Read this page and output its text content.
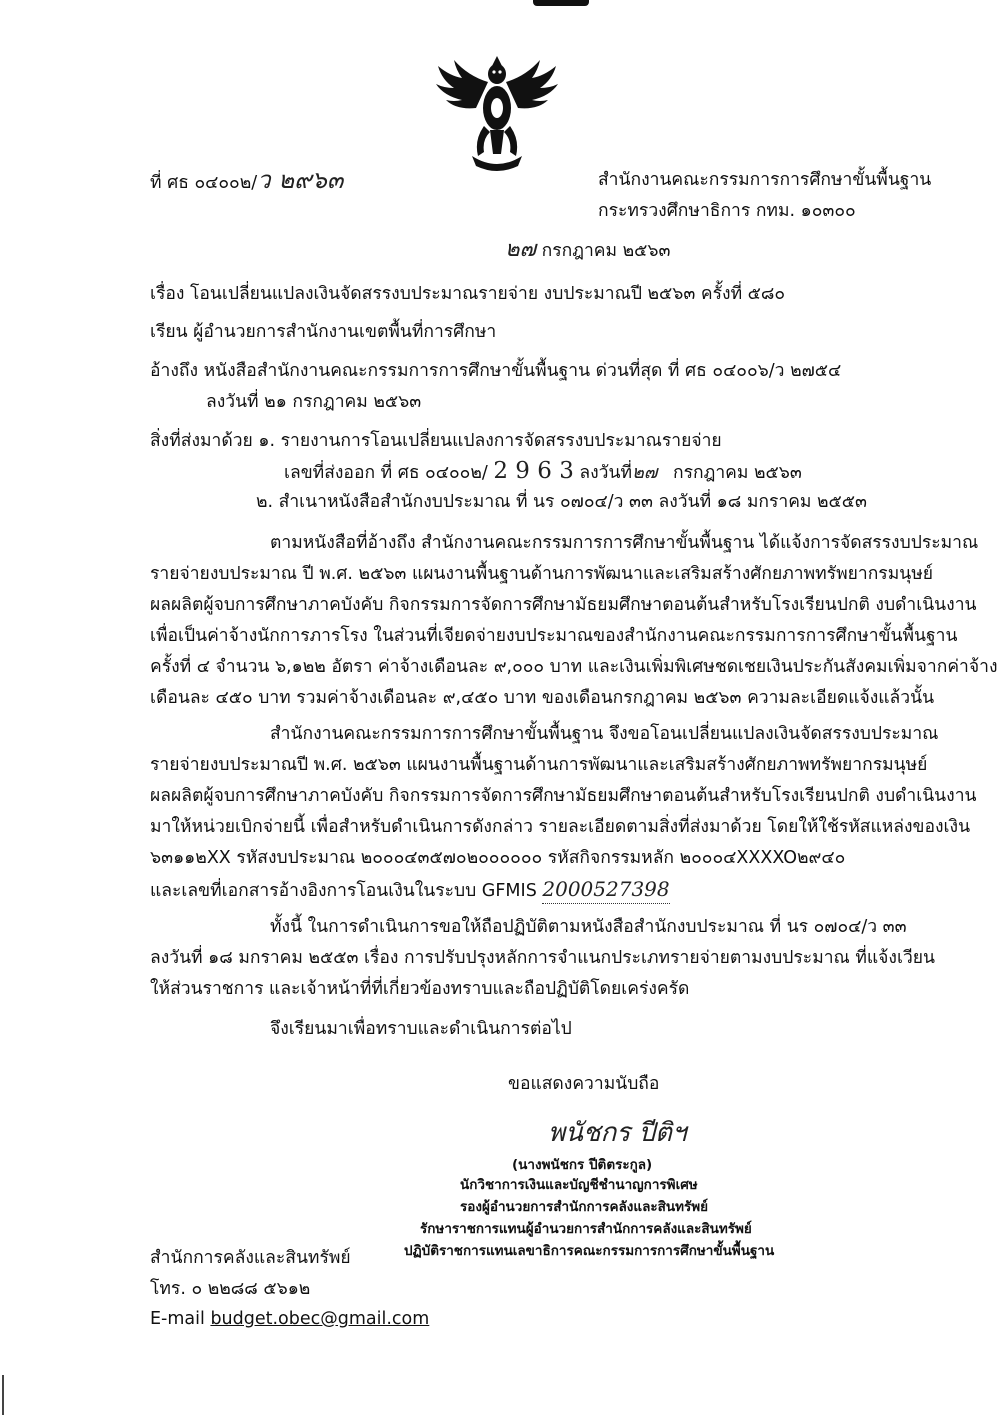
ที่ ศธ ๐๔๐๐๒/ว ๒๙๖๓	สำนักงานคณะกรรมการการศึกษาขั้นพื้นฐาน
กระทรวงศึกษาธิการ กทม. ๑๐๓๐๐
๒๗ กรกฎาคม ๒๕๖๓
เรื่อง โอนเปลี่ยนแปลงเงินจัดสรรงบประมาณรายจ่าย งบประมาณปี ๒๕๖๓ ครั้งที่ ๕๘๐
เรียน ผู้อำนวยการสำนักงานเขตพื้นที่การศึกษา
อ้างถึง หนังสือสำนักงานคณะกรรมการการศึกษาขั้นพื้นฐาน ด่วนที่สุด ที่ ศธ ๐๔๐๐๖/ว ๒๗๕๔
ลงวันที่ ๒๑ กรกฎาคม ๒๕๖๓
สิ่งที่ส่งมาด้วย ๑. รายงานการโอนเปลี่ยนแปลงการจัดสรรงบประมาณรายจ่าย
เลขที่ส่งออก ที่ ศธ ๐๔๐๐๒/ 2 9 6 3 ลงวันที่๒๗ กรกฎาคม ๒๕๖๓
๒. สำเนาหนังสือสำนักงบประมาณ ที่ นร ๐๗๐๔/ว ๓๓ ลงวันที่ ๑๘ มกราคม ๒๕๕๓
ตามหนังสือที่อ้างถึง สำนักงานคณะกรรมการการศึกษาขั้นพื้นฐาน ได้แจ้งการจัดสรรงบประมาณ
รายจ่ายงบประมาณ ปี พ.ศ. ๒๕๖๓ แผนงานพื้นฐานด้านการพัฒนาและเสริมสร้างศักยภาพทรัพยากรมนุษย์
ผลผลิตผู้จบการศึกษาภาคบังคับ กิจกรรมการจัดการศึกษามัธยมศึกษาตอนต้นสำหรับโรงเรียนปกติ งบดำเนินงาน
เพื่อเป็นค่าจ้างนักการภารโรง ในส่วนที่เจียดจ่ายงบประมาณของสำนักงานคณะกรรมการการศึกษาขั้นพื้นฐาน
ครั้งที่ ๔ จำนวน ๖,๑๒๒ อัตรา ค่าจ้างเดือนละ ๙,๐๐๐ บาท และเงินเพิ่มพิเศษชดเชยเงินประกันสังคมเพิ่มจากค่าจ้าง
เดือนละ ๔๕๐ บาท รวมค่าจ้างเดือนละ ๙,๔๕๐ บาท ของเดือนกรกฎาคม ๒๕๖๓ ความละเอียดแจ้งแล้วนั้น
สำนักงานคณะกรรมการการศึกษาขั้นพื้นฐาน จึงขอโอนเปลี่ยนแปลงเงินจัดสรรงบประมาณ
รายจ่ายงบประมาณปี พ.ศ. ๒๕๖๓ แผนงานพื้นฐานด้านการพัฒนาและเสริมสร้างศักยภาพทรัพยากรมนุษย์
ผลผลิตผู้จบการศึกษาภาคบังคับ กิจกรรมการจัดการศึกษามัธยมศึกษาตอนต้นสำหรับโรงเรียนปกติ งบดำเนินงาน
มาให้หน่วยเบิกจ่ายนี้ เพื่อสำหรับดำเนินการดังกล่าว รายละเอียดตามสิ่งที่ส่งมาด้วย โดยให้ใช้รหัสแหล่งของเงิน
๖๓๑๑๒XX รหัสงบประมาณ ๒๐๐๐๔๓๕๗๐๒๐๐๐๐๐๐ รหัสกิจกรรมหลัก ๒๐๐๐๔XXXXO๒๙๔๐
และเลขที่เอกสารอ้างอิงการโอนเงินในระบบ GFMIS 2000527398
ทั้งนี้ ในการดำเนินการขอให้ถือปฏิบัติตามหนังสือสำนักงบประมาณ ที่ นร ๐๗๐๔/ว ๓๓
ลงวันที่ ๑๘ มกราคม ๒๕๕๓ เรื่อง การปรับปรุงหลักการจำแนกประเภทรายจ่ายตามงบประมาณ ที่แจ้งเวียน
ให้ส่วนราชการ และเจ้าหน้าที่ที่เกี่ยวข้องทราบและถือปฏิบัติโดยเคร่งครัด
จึงเรียนมาเพื่อทราบและดำเนินการต่อไป
ขอแสดงความนับถือ
พนัชกร ปีติฯ
(นางพนัชกร ปีติตระกูล)
นักวิชาการเงินและบัญชีชำนาญการพิเศษ
รองผู้อำนวยการสำนักการคลังและสินทรัพย์
รักษาราชการแทนผู้อำนวยการสำนักการคลังและสินทรัพย์
ปฏิบัติราชการแทนเลขาธิการคณะกรรมการการศึกษาขั้นพื้นฐาน
สำนักการคลังและสินทรัพย์
โทร. ๐ ๒๒๘๘ ๕๖๑๒
E-mail budget.obec@gmail.com
